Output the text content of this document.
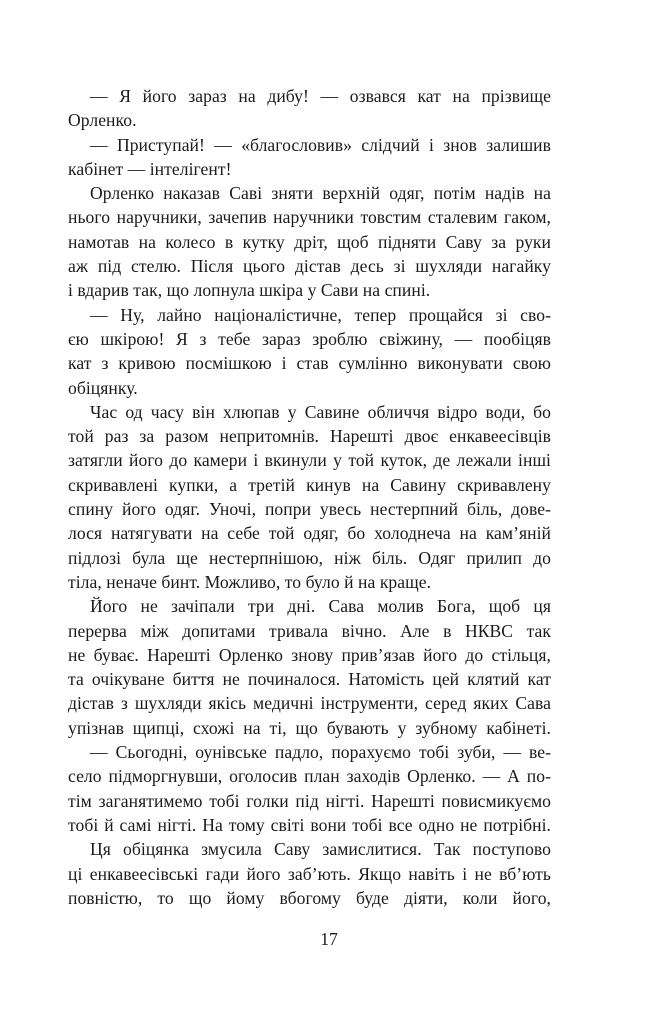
— Я його зараз на дибу! — озвався кат на прізвище
Орленко.
— Приступай! — «благословив» слідчий і знов залишив
кабінет — інтелігент!
Орленко наказав Саві зняти верхній одяг, потім надів на
нього наручники, зачепив наручники товстим сталевим гаком,
намотав на колесо в кутку дріт, щоб підняти Саву за руки
аж під стелю. Після цього дістав десь зі шухляди нагайку
і вдарив так, що лопнула шкіра у Сави на спині.
— Ну, лайно націоналістичне, тепер прощайся зі сво-
єю шкірою! Я з тебе зараз зроблю свіжину, — пообіцяв
кат з кривою посмішкою і став сумлінно виконувати свою
обіцянку.
Час од часу він хлюпав у Савине обличчя відро води, бо
той раз за разом непритомнів. Нарешті двоє енкавеесівців
затягли його до камери і вкинули у той куток, де лежали інші
скривавлені купки, а третій кинув на Савину скривавлену
спину його одяг. Уночі, попри увесь нестерпний біль, дове-
лося натягувати на себе той одяг, бо холоднеча на кам’яній
підлозі була ще нестерпнішою, ніж біль. Одяг прилип до
тіла, неначе бинт. Можливо, то було й на краще.
Його не зачіпали три дні. Сава молив Бога, щоб ця
перерва між допитами тривала вічно. Але в НКВС так
не буває. Нарешті Орленко знову прив’язав його до стільця,
та очікуване биття не починалося. Натомість цей клятий кат
дістав з шухляди якісь медичні інструменти, серед яких Сава
упізнав щипці, схожі на ті, що бувають у зубному кабінеті.
— Сьогодні, оунівське падло, порахуємо тобі зуби, — ве-
село підморгнувши, оголосив план заходів Орленко. — А по-
тім заганятимемо тобі голки під нігті. Нарешті повисмикуємо
тобі й самі нігті. На тому світі вони тобі все одно не потрібні.
Ця обіцянка змусила Саву замислитися. Так поступово
ці енкавеесівські гади його заб’ють. Якщо навіть і не вб’ють
повністю, то що йому вбогому буде діяти, коли його,
17
